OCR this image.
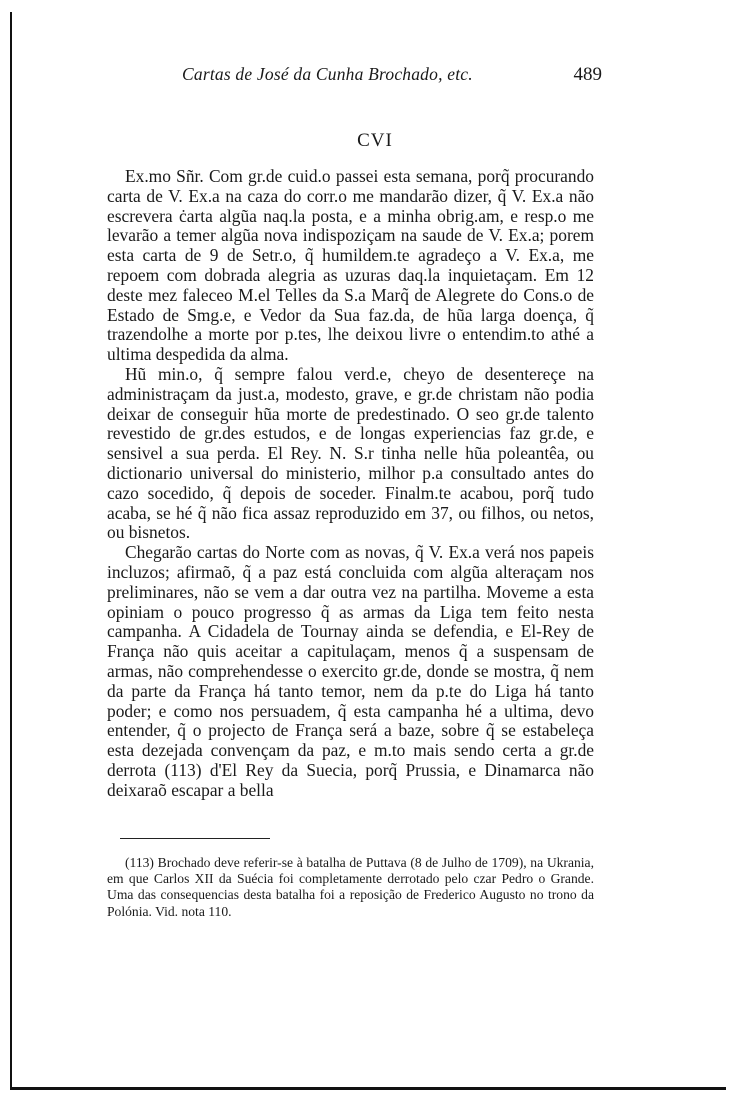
Cartas de José da Cunha Brochado, etc.	489
CVI

Ex.mo Sñr. Com gr.de cuid.o passei esta semana, porq̃ procurando carta de V. Ex.a na caza do corr.o me mandarão dizer, q̃ V. Ex.a não escrevera ċarta algũa naq.la posta, e a minha obrig.am, e resp.o me levarão a temer algũa nova indispoziçam na saude de V. Ex.a; porem esta carta de 9 de Setr.o, q̃ humildem.te agradeço a V. Ex.a, me repoem com dobrada alegria as uzuras daq.la inquietaçam. Em 12 deste mez faleceo M.el Telles da S.a Marq̃ de Alegrete do Cons.o de Estado de Smg.e, e Vedor da Sua faz.da, de hũa larga doença, q̃ trazendolhe a morte por p.tes, lhe deixou livre o entendim.to athé a ultima despedida da alma.

Hũ min.o, q̃ sempre falou verd.e, cheyo de desentereçe na administraçam da just.a, modesto, grave, e gr.de christam não podia deixar de conseguir hũa morte de predestinado. O seo gr.de talento revestido de gr.des estudos, e de longas experiencias faz gr.de, e sensivel a sua perda. El Rey. N. S.r tinha nelle hũa poleantêa, ou dictionario universal do ministerio, milhor p.a consultado antes do cazo socedido, q̃ depois de soceder. Finalm.te acabou, porq̃ tudo acaba, se hé q̃ não fica assaz reproduzido em 37, ou filhos, ou netos, ou bisnetos.

Chegarão cartas do Norte com as novas, q̃ V. Ex.a verá nos papeis incluzos; afirmaõ, q̃ a paz está concluida com algũa alteraçam nos preliminares, não se vem a dar outra vez na partilha. Moveme a esta opiniam o pouco progresso q̃ as armas da Liga tem feito nesta campanha. A Cidadela de Tournay ainda se defendia, e El-Rey de França não quis aceitar a capitulaçam, menos q̃ a suspensam de armas, não comprehendesse o exercito gr.de, donde se mostra, q̃ nem da parte da França há tanto temor, nem da p.te do Liga há tanto poder; e como nos persuadem, q̃ esta campanha hé a ultima, devo entender, q̃ o projecto de França será a baze, sobre q̃ se estabeleça esta dezejada convençam da paz, e m.to mais sendo certa a gr.de derrota (113) d'El Rey da Suecia, porq̃ Prussia, e Dinamarca não deixaraõ escapar a bella

(113) Brochado deve referir-se à batalha de Puttava (8 de Julho de 1709), na Ukrania, em que Carlos XII da Suécia foi completamente derrotado pelo czar Pedro o Grande. Uma das consequencias desta batalha foi a reposição de Frederico Augusto no trono da Polónia. Vid. nota 110.
